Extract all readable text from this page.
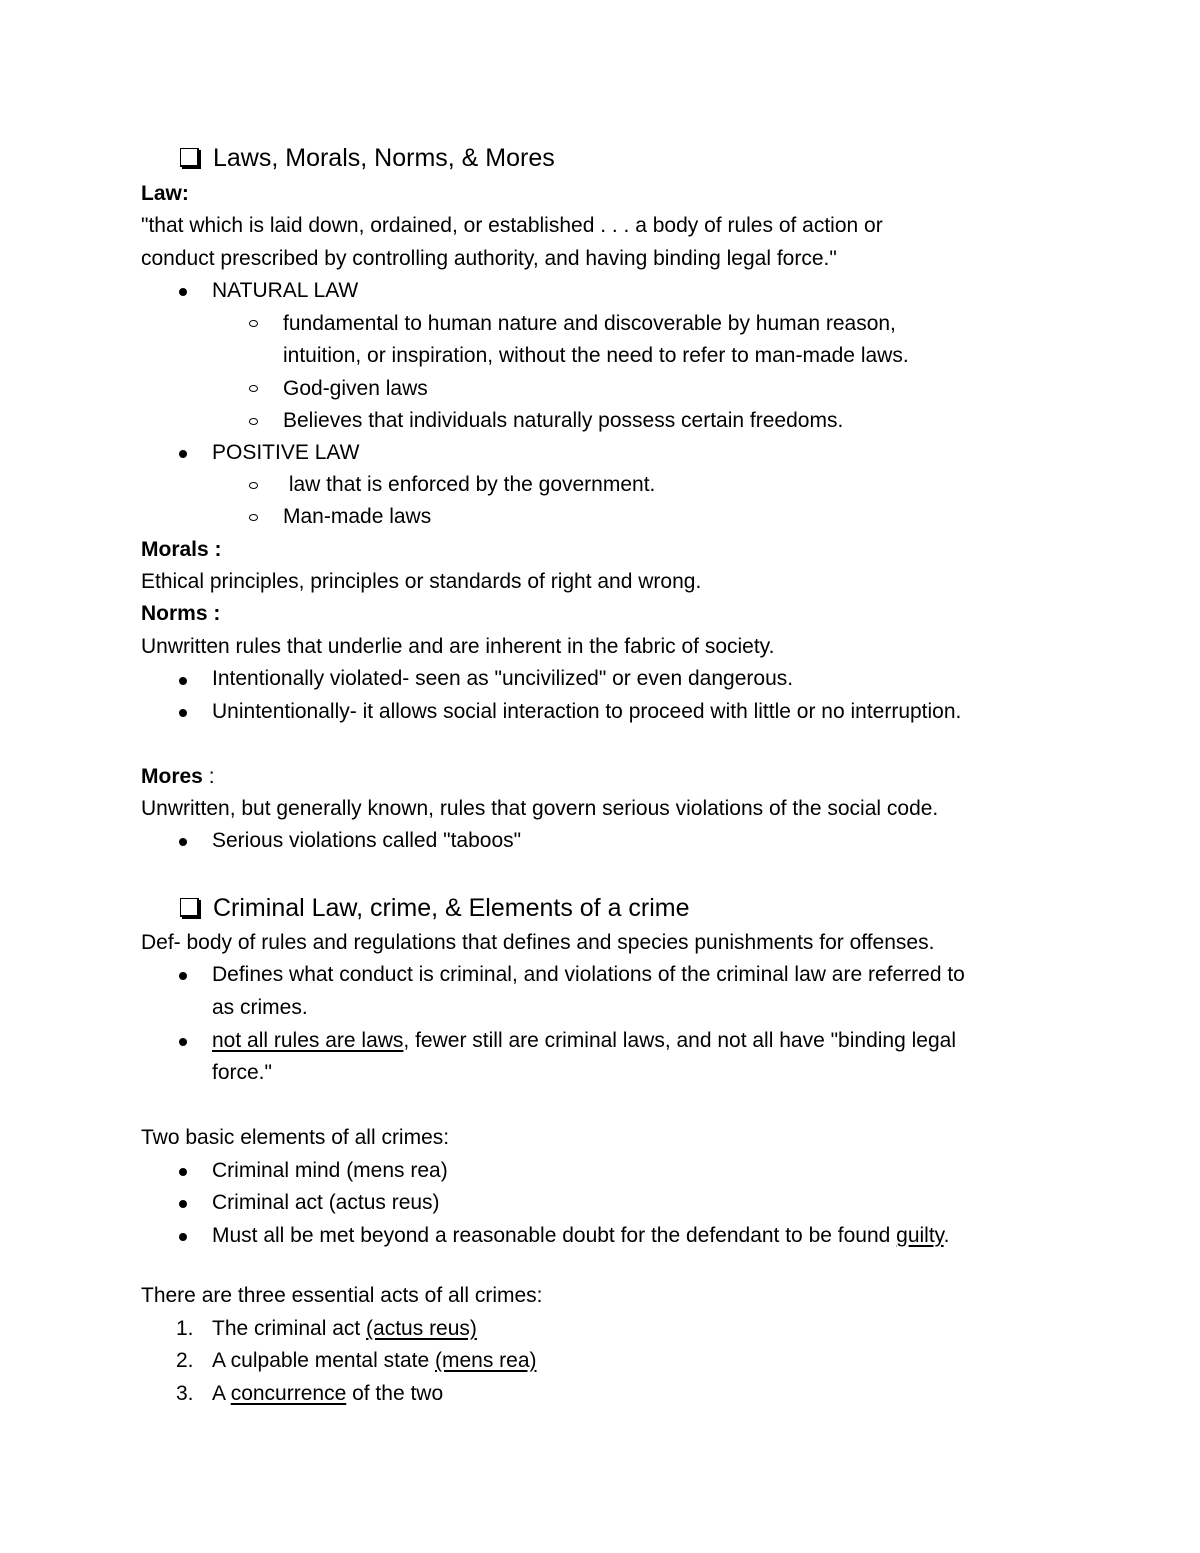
Laws, Morals, Norms, & Mores
Law:
"that which is laid down, ordained, or established . . . a body of rules of action or
conduct prescribed by controlling authority, and having binding legal force."
NATURAL LAW
fundamental to human nature and discoverable by human reason,
intuition, or inspiration, without the need to refer to man-made laws.
God-given laws
Believes that individuals naturally possess certain freedoms.
POSITIVE LAW
law that is enforced by the government.
Man-made laws
Morals :
Ethical principles, principles or standards of right and wrong.
Norms :
Unwritten rules that underlie and are inherent in the fabric of society.
Intentionally violated- seen as "uncivilized" or even dangerous.
Unintentionally- it allows social interaction to proceed with little or no interruption.
Mores :
Unwritten, but generally known, rules that govern serious violations of the social code.
Serious violations called "taboos"
Criminal Law, crime, & Elements of a crime
Def- body of rules and regulations that defines and species punishments for offenses.
Defines what conduct is criminal, and violations of the criminal law are referred to
as crimes.
not all rules are laws, fewer still are criminal laws, and not all have "binding legal
force."
Two basic elements of all crimes:
Criminal mind (mens rea)
Criminal act (actus reus)
Must all be met beyond a reasonable doubt for the defendant to be found guilty.
There are three essential acts of all crimes:
1. The criminal act (actus reus)
2. A culpable mental state (mens rea)
3. A concurrence of the two
